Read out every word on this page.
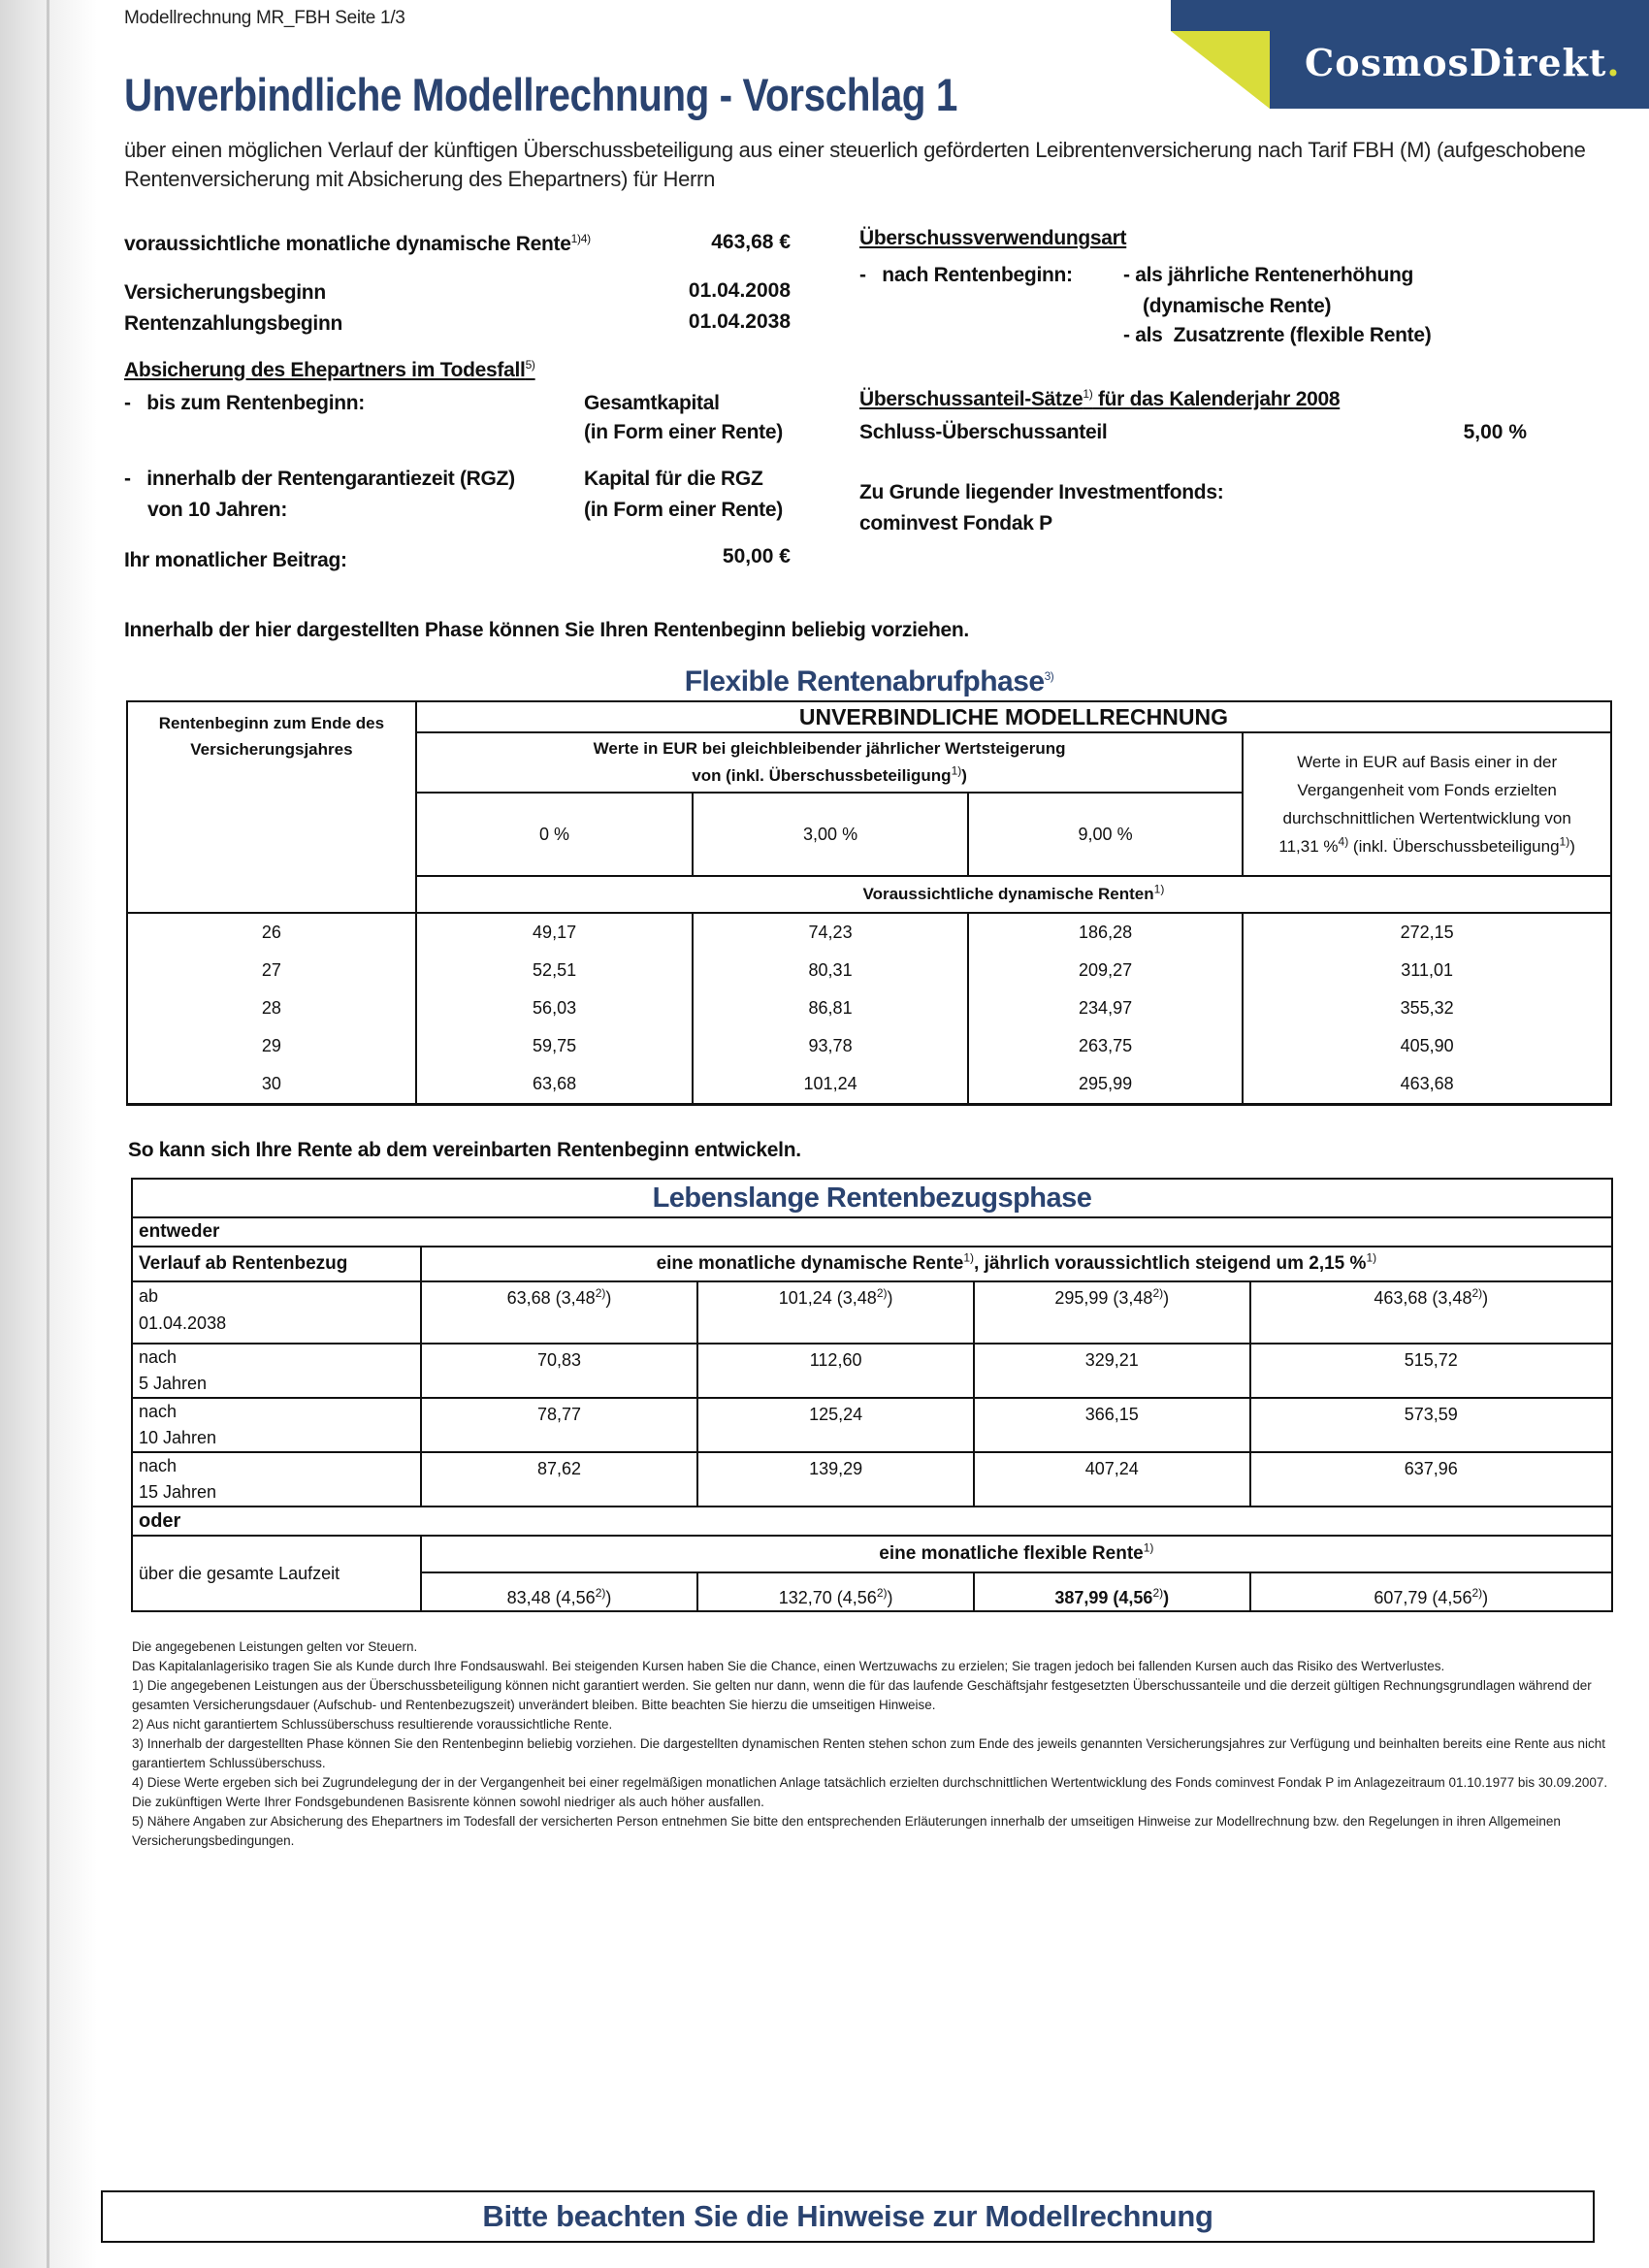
Modellrechnung MR_FBH Seite 1/3
CosmosDirekt.
Unverbindliche Modellrechnung - Vorschlag 1
über einen möglichen Verlauf der künftigen Überschussbeteiligung aus einer steuerlich geförderten Leibrentenversicherung nach Tarif FBH (M) (aufgeschobene Rentenversicherung mit Absicherung des Ehepartners) für Herrn
voraussichtliche monatliche dynamische Rente$^{1)4)}$	463,68 €
Versicherungsbeginn	01.04.2008
Rentenzahlungsbeginn	01.04.2038
Absicherung des Ehepartners im Todesfall$^{5)}$
-   bis zum Rentenbeginn:	Gesamtkapital
(in Form einer Rente)
-   innerhalb der Rentengarantiezeit (RGZ)
von 10 Jahren:
Kapital für die RGZ
(in Form einer Rente)
Ihr monatlicher Beitrag:	50,00 €
Überschussverwendungsart
-   nach Rentenbeginn: - als jährliche Rentenerhöhung
(dynamische Rente)
- als  Zusatzrente (flexible Rente)
Überschussanteil-Sätze$^{1)}$ für das Kalenderjahr 2008
Schluss-Überschussanteil	5,00 %
Zu Grunde liegender Investmentfonds:
cominvest Fondak P
Innerhalb der hier dargestellten Phase können Sie Ihren Rentenbeginn beliebig vorziehen.
Flexible Rentenabrufphase$^{3)}$
Rentenbeginn zum Ende des Versicherungsjahres	UNVERBINDLICHE MODELLRECHNUNG			

	Werte in EUR bei gleichbleibender jährlicher Wertsteigerung
von (inkl. Überschussbeteiligung$^{1)}$)			Werte in EUR auf Basis einer in der Vergangenheit vom Fonds erzielten durchschnittlichen Wertentwicklung von 11,31 %$^{4)}$ (inkl. Überschussbeteiligung$^{1)}$)
	0 %	3,00 %	9,00 %	
	Voraussichtliche dynamische Renten$^{1)}$
26	49,17	74,23	186,28	272,15
27	52,51	80,31	209,27	311,01
28	56,03	86,81	234,97	355,32
29	59,75	93,78	263,75	405,90
30	63,68	101,24	295,99	463,68
So kann sich Ihre Rente ab dem vereinbarten Rentenbeginn entwickeln.
Lebenslange Rentenbezugsphase				
entweder				
Verlauf ab Rentenbezug	eine monatliche dynamische Rente$^{1)}$, jährlich voraussichtlich steigend um 2,15 %$^{1)}$

ab
01.04.2038	63,68 (3,48$^{2)}$)	101,24 (3,48$^{2)}$)	295,99 (3,48$^{2)}$)	463,68 (3,48$^{2)}$)

nach
5 Jahren	70,83	112,60	329,21	515,72

nach
10 Jahren	78,77	125,24	366,15	573,59

nach
15 Jahren	87,62	139,29	407,24	637,96
oder				
über die gesamte Laufzeit	eine monatliche flexible Rente$^{1)}$
	83,48 (4,56$^{2)}$)	132,70 (4,56$^{2)}$)	387,99 (4,56$^{2)}$)	607,79 (4,56$^{2)}$)

Die angegebenen Leistungen gelten vor Steuern.

Das Kapitalanlagerisiko tragen Sie als Kunde durch Ihre Fondsauswahl. Bei steigenden Kursen haben Sie die Chance, einen Wertzuwachs zu erzielen; Sie tragen jedoch bei fallenden Kursen auch das Risiko des Wertverlustes.

1) Die angegebenen Leistungen aus der Überschussbeteiligung können nicht garantiert werden. Sie gelten nur dann, wenn die für das laufende Geschäftsjahr festgesetzten Überschussanteile und die derzeit gültigen Rechnungsgrundlagen während der gesamten Versicherungsdauer (Aufschub- und Rentenbezugszeit) unverändert bleiben. Bitte beachten Sie hierzu die umseitigen Hinweise.

2) Aus nicht garantiertem Schlussüberschuss resultierende voraussichtliche Rente.

3) Innerhalb der dargestellten Phase können Sie den Rentenbeginn beliebig vorziehen. Die dargestellten dynamischen Renten stehen schon zum Ende des jeweils genannten Versicherungsjahres zur Verfügung und beinhalten bereits eine Rente aus nicht garantiertem Schlussüberschuss.

4) Diese Werte ergeben sich bei Zugrundelegung der in der Vergangenheit bei einer regelmäßigen monatlichen Anlage tatsächlich erzielten durchschnittlichen Wertentwicklung des Fonds cominvest Fondak P im Anlagezeitraum 01.10.1977 bis 30.09.2007. Die zukünftigen Werte Ihrer Fondsgebundenen Basisrente können sowohl niedriger als auch höher ausfallen.

5) Nähere Angaben zur Absicherung des Ehepartners im Todesfall der versicherten Person entnehmen Sie bitte den entsprechenden Erläuterungen innerhalb der umseitigen Hinweise zur Modellrechnung bzw. den Regelungen in ihren Allgemeinen Versicherungsbedingungen.

Bitte beachten Sie die Hinweise zur Modellrechnung
